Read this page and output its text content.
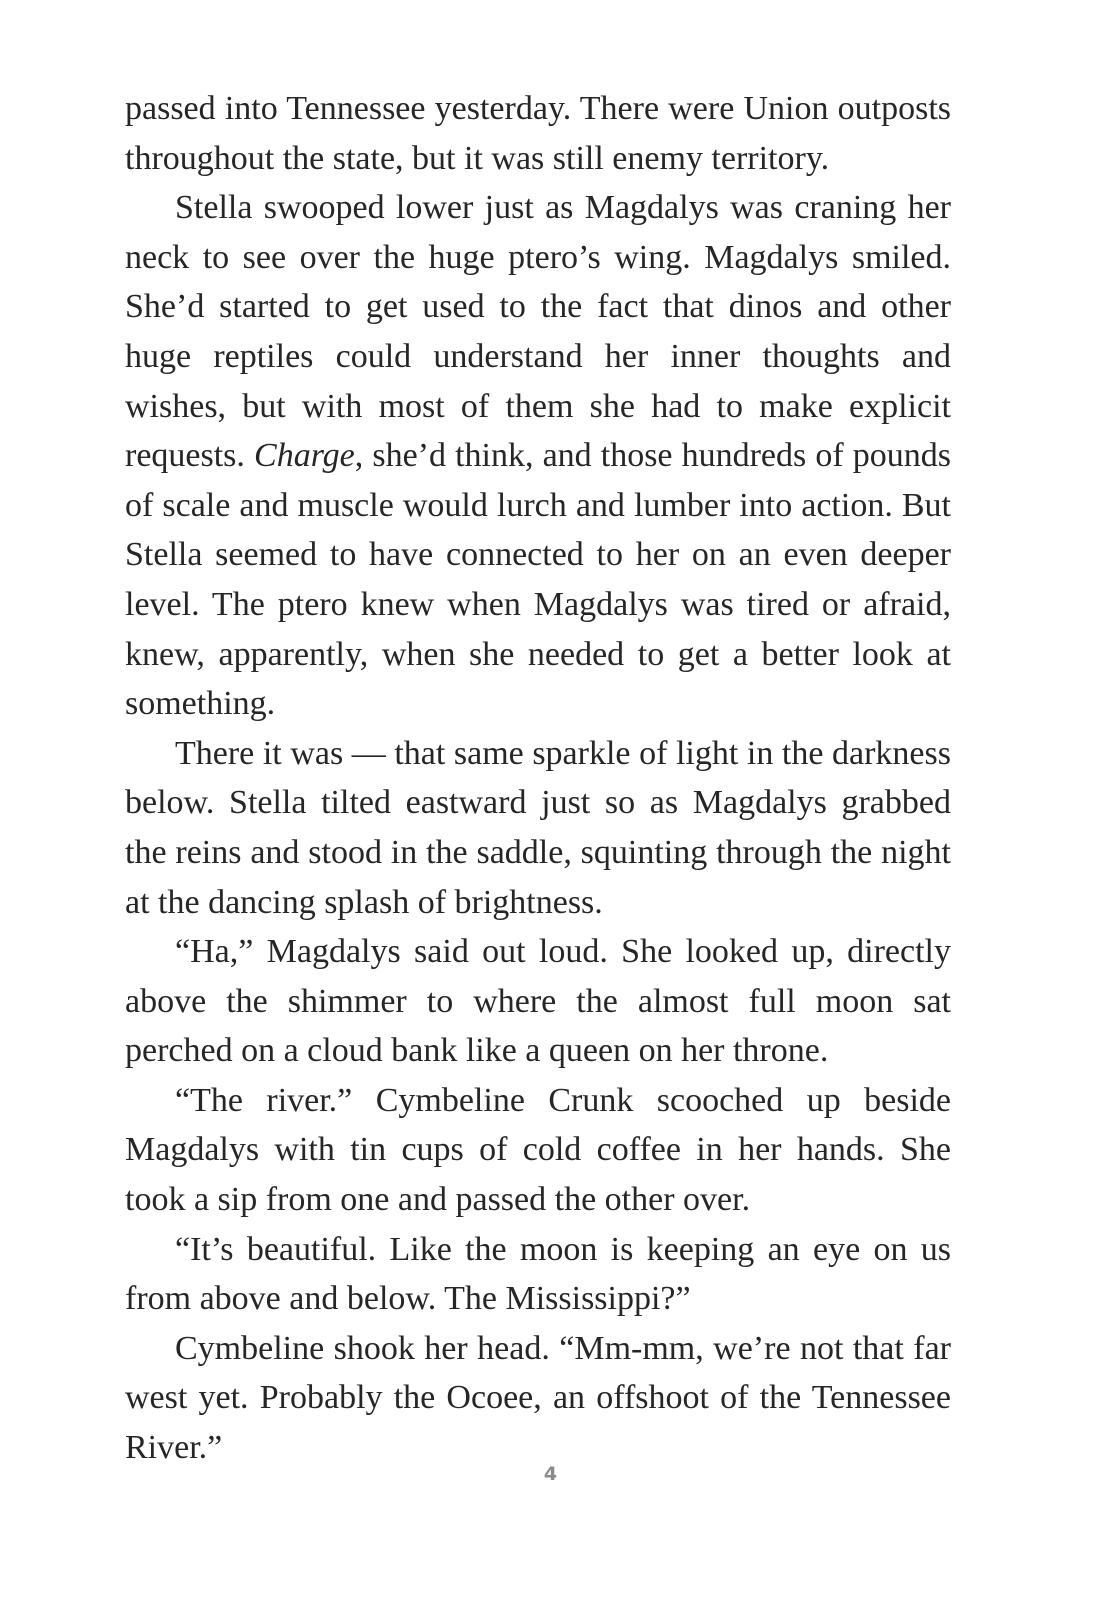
passed into Tennessee yesterday. There were Union outposts throughout the state, but it was still enemy territory.

Stella swooped lower just as Magdalys was craning her neck to see over the huge ptero’s wing. Magdalys smiled. She’d started to get used to the fact that dinos and other huge reptiles could understand her inner thoughts and wishes, but with most of them she had to make explicit requests. Charge, she’d think, and those hundreds of pounds of scale and muscle would lurch and lumber into action. But Stella seemed to have connected to her on an even deeper level. The ptero knew when Magdalys was tired or afraid, knew, apparently, when she needed to get a better look at something.

There it was — that same sparkle of light in the darkness below. Stella tilted eastward just so as Magdalys grabbed the reins and stood in the saddle, squinting through the night at the dancing splash of brightness.

“Ha,” Magdalys said out loud. She looked up, directly above the shimmer to where the almost full moon sat perched on a cloud bank like a queen on her throne.

“The river.” Cymbeline Crunk scooched up beside Magdalys with tin cups of cold coffee in her hands. She took a sip from one and passed the other over.

“It’s beautiful. Like the moon is keeping an eye on us from above and below. The Mississippi?”

Cymbeline shook her head. “Mm-mm, we’re not that far west yet. Probably the Ocoee, an offshoot of the Tennessee River.”

4
